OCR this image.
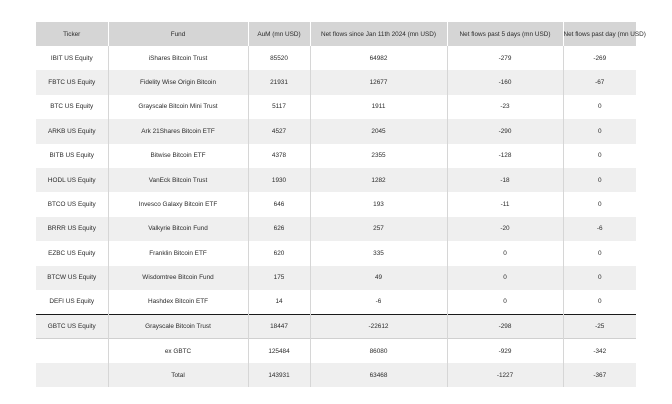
Ticker	Fund	AuM (mn USD)	Net flows since Jan 11th 2024 (mn USD)	Net flows past 5 days (mn USD)	Net flows past day (mn USD)
IBIT US Equity	iShares Bitcoin Trust	85520	64982	-279	-269
FBTC US Equity	Fidelity Wise Origin Bitcoin	21931	12677	-160	-67
BTC US Equity	Grayscale Bitcoin Mini Trust	5117	1911	-23	0
ARKB US Equity	Ark 21Shares Bitcoin ETF	4527	2045	-290	0
BITB US Equity	Bitwise Bitcoin ETF	4378	2355	-128	0
HODL US Equity	VanEck Bitcoin Trust	1930	1282	-18	0
BTCO US Equity	Invesco Galaxy Bitcoin ETF	646	193	-11	0
BRRR US Equity	Valkyrie Bitcoin Fund	626	257	-20	-6
EZBC US Equity	Franklin Bitcoin ETF	620	335	0	0
BTCW US Equity	Wisdomtree Bitcoin Fund	175	49	0	0
DEFI US Equity	Hashdex Bitcoin ETF	14	-6	0	0
GBTC US Equity	Grayscale Bitcoin Trust	18447	-22612	-298	-25
	ex GBTC	125484	86080	-929	-342
	Total	143931	63468	-1227	-367
